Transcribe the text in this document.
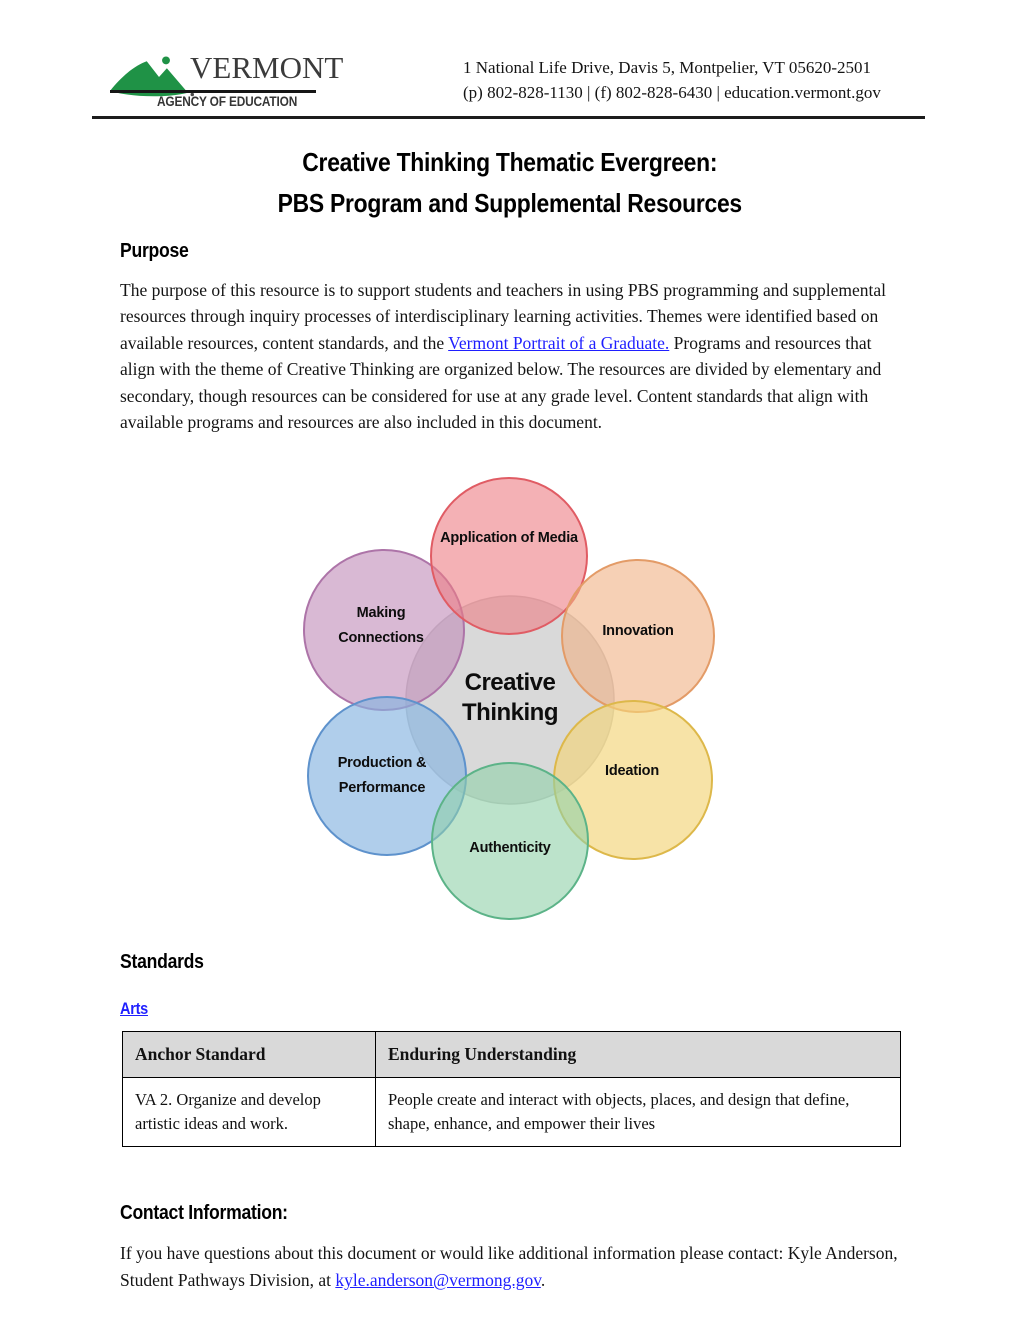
VERMONT
AGENCY OF EDUCATION
1 National Life Drive, Davis 5, Montpelier, VT 05620-2501
(p) 802-828-1130 | (f) 802-828-6430 | education.vermont.gov
Creative Thinking Thematic Evergreen:
PBS Program and Supplemental Resources
Purpose

The purpose of this resource is to support students and teachers in using PBS programming and supplemental resources through inquiry processes of interdisciplinary learning activities. Themes were identified based on available resources, content standards, and the Vermont Portrait of a Graduate. Programs and resources that align with the theme of Creative Thinking are organized below. The resources are divided by elementary and secondary, though resources can be considered for use at any grade level. Content standards that align with available programs and resources are also included in this document.

Application of Media
Making Connections	Innovation
Production & Performance
Ideation
Authenticity
Creative
Thinking
Standards
Arts
Anchor Standard	Enduring Understanding
VA 2. Organize and develop artistic ideas and work.	People create and interact with objects, places, and design that define, shape, enhance, and empower their lives
Contact Information:

If you have questions about this document or would like additional information please contact: Kyle Anderson, Student Pathways Division, at kyle.anderson@vermong.gov.
